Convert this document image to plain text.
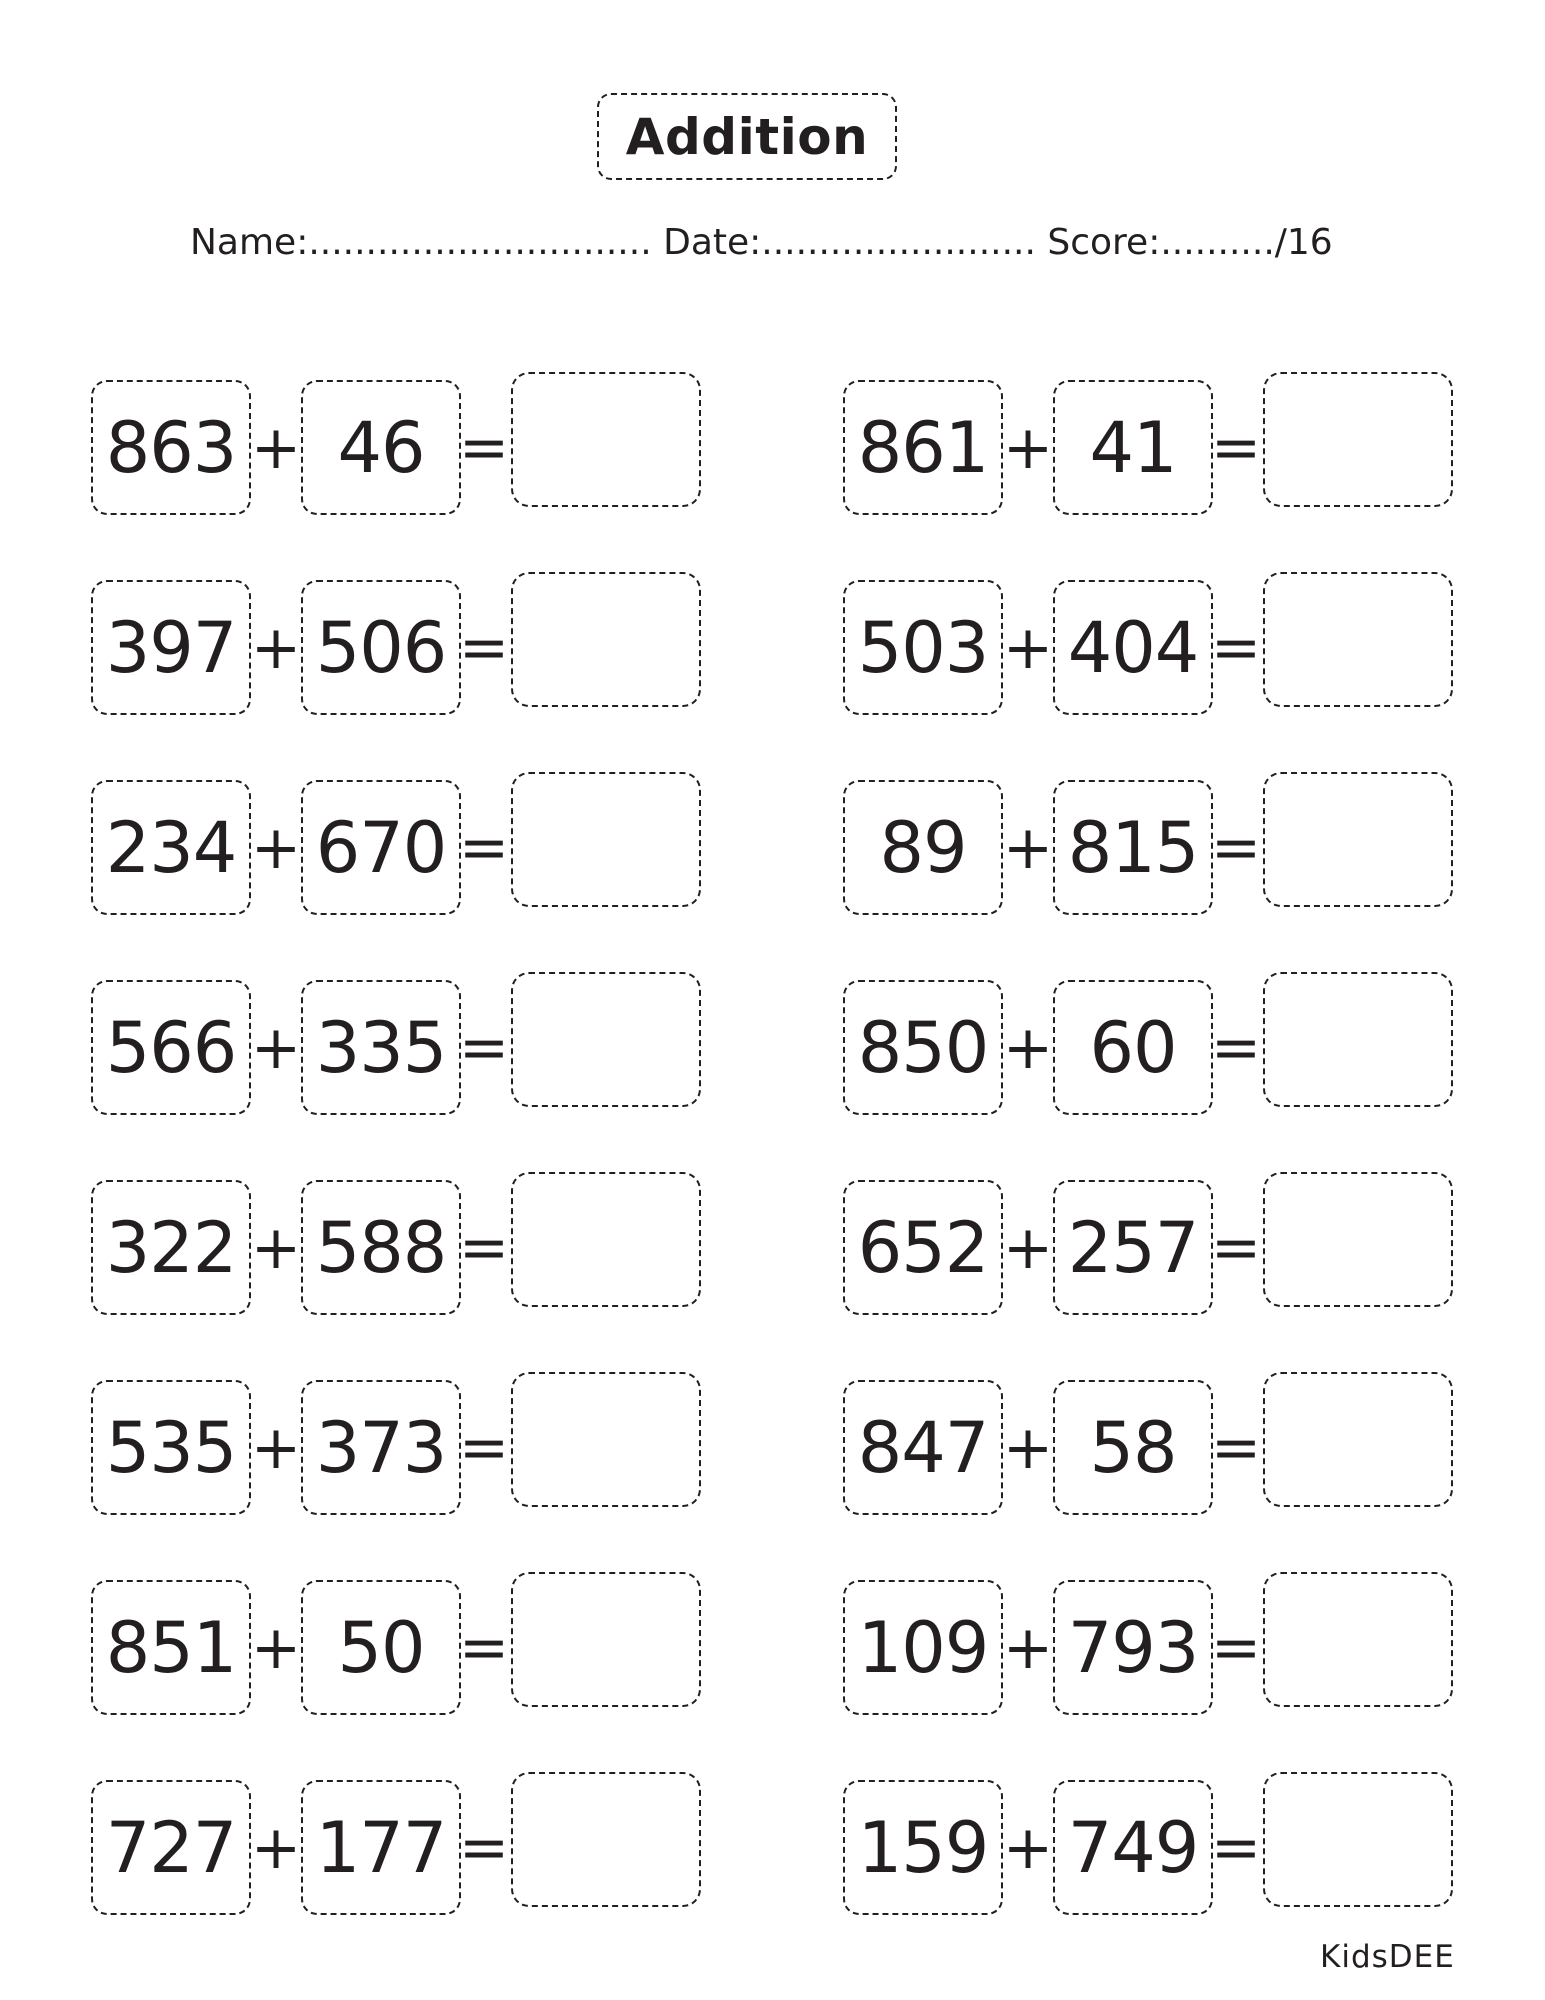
Addition
Name:.............................. Date:........................ Score:........../16
863 + 46 =
397 + 506 =
234 + 670 =
566 + 335 =
322 + 588 =
535 + 373 =
851 + 50 =
727 + 177 =
861 + 41 =
503 + 404 =
89 + 815 =
850 + 60 =
652 + 257 =
847 + 58 =
109 + 793 =
159 + 749 =
KidsDEE
